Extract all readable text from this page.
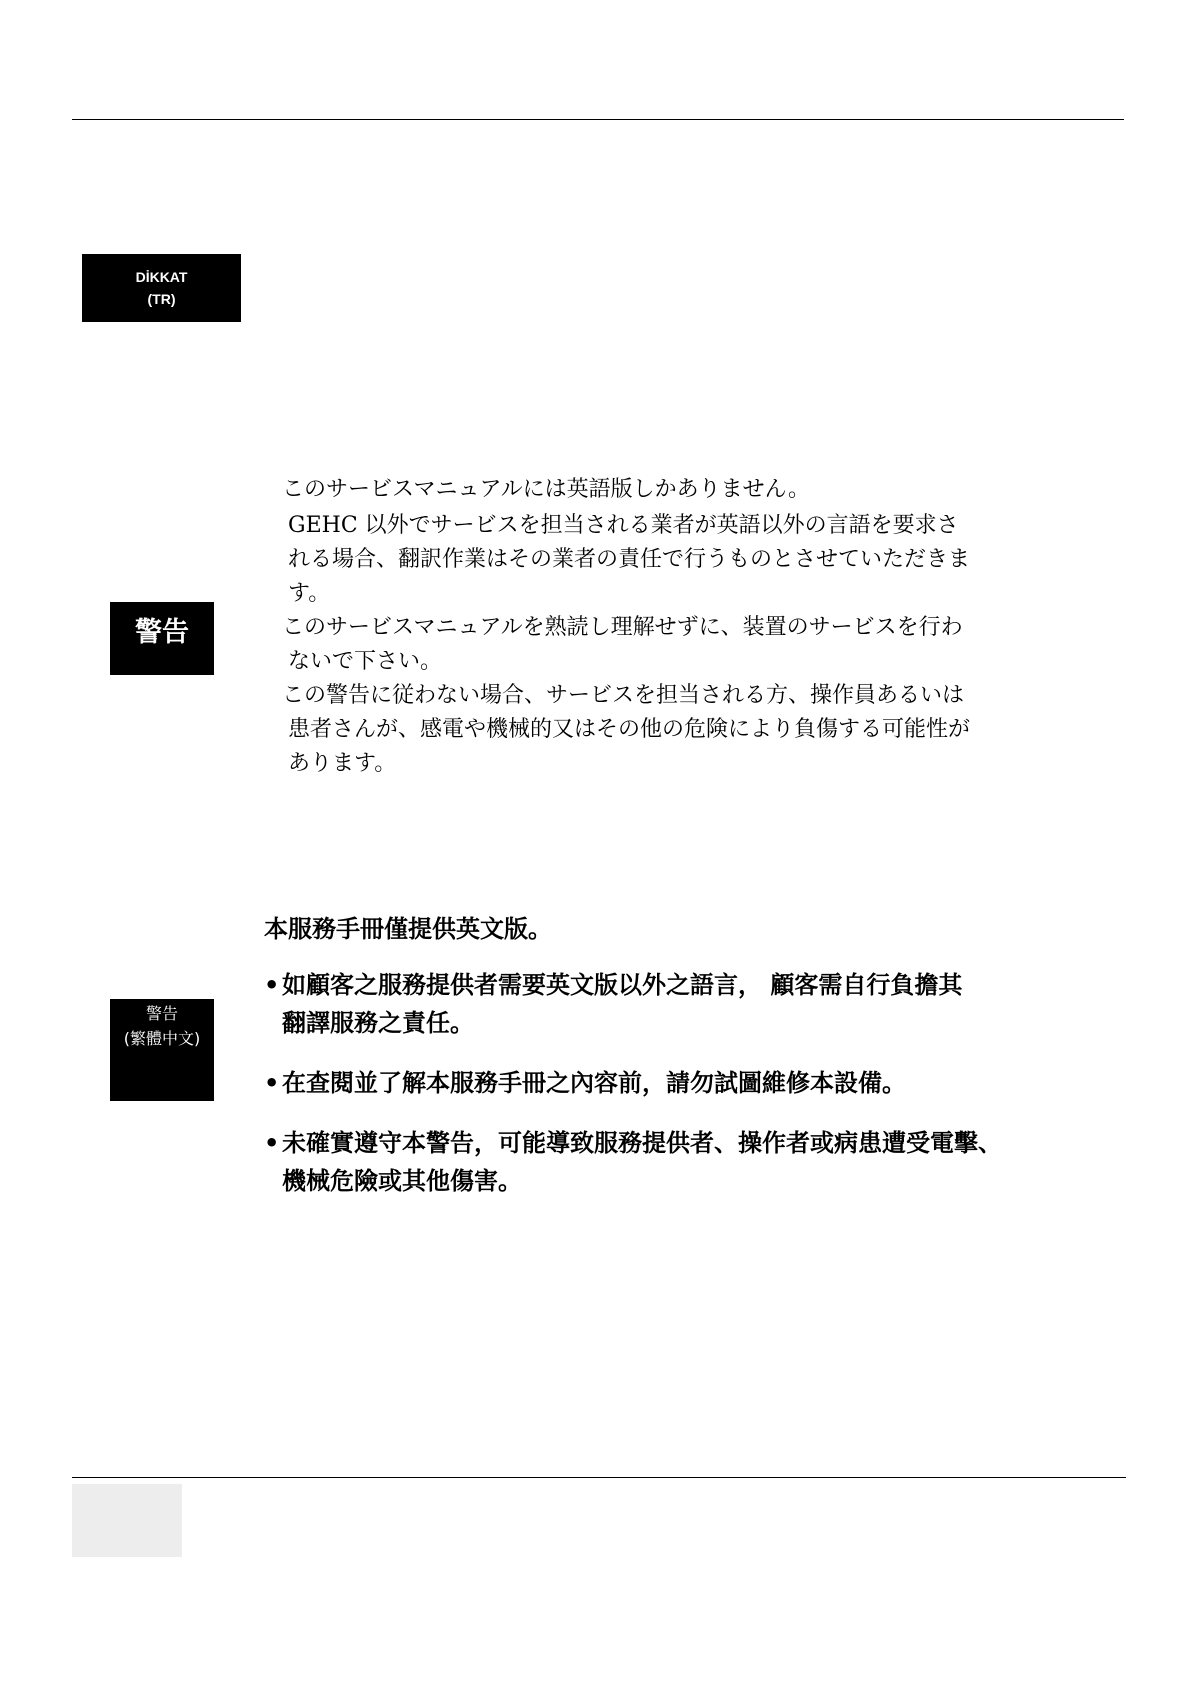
DİKKAT
(TR)
警告

このサービスマニュアルには英語版しかありません。

GEHC 以外でサービスを担当される業者が英語以外の言語を要求さ

れる場合、翻訳作業はその業者の責任で行うものとさせていただきま

す。

このサービスマニュアルを熟読し理解せずに、装置のサービスを行わ

ないで下さい。

この警告に従わない場合、サービスを担当される方、操作員あるいは

患者さんが、感電や機械的又はその他の危険により負傷する可能性が

あります。

警告
(繁體中文)

本服務手冊僅提供英文版。

• 如顧客之服務提供者需要英文版以外之語言， 顧客需自行負擔其
翻譯服務之責任。
• 在查閱並了解本服務手冊之內容前，請勿試圖維修本設備。
• 未確實遵守本警告，可能導致服務提供者、操作者或病患遭受電擊、
機械危險或其他傷害。
